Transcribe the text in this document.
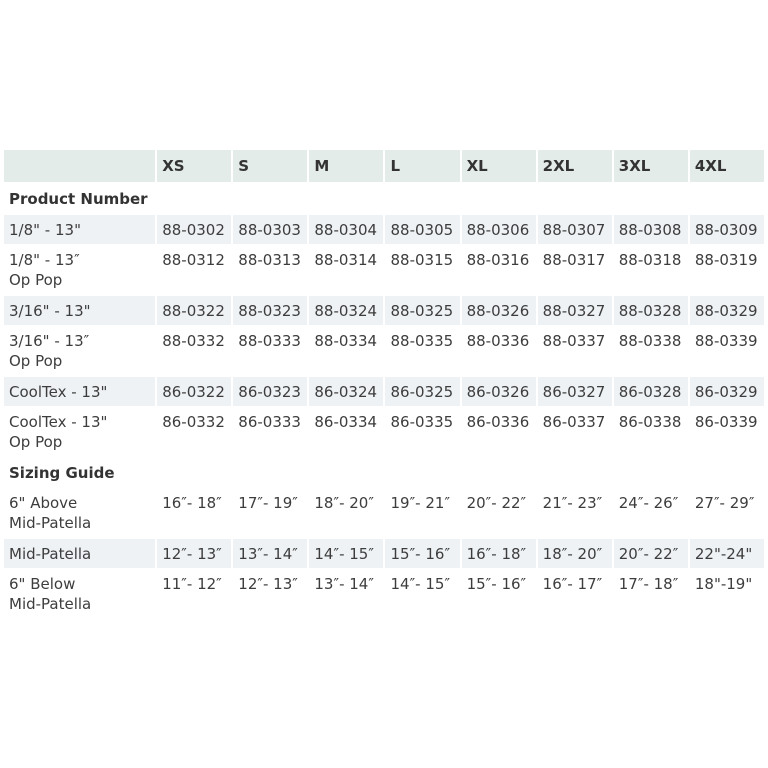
	XS	S	M	L	XL	2XL	3XL	4XL
Product Number								

1/8" - 13"	88-0302	88-0303	88-0304	88-0305	88-0306	88-0307	88-0308	88-0309

1/8" - 13″
Op Pop	88-0312	88-0313	88-0314	88-0315	88-0316	88-0317	88-0318	88-0319

3/16" - 13"	88-0322	88-0323	88-0324	88-0325	88-0326	88-0327	88-0328	88-0329

3/16" - 13″
Op Pop	88-0332	88-0333	88-0334	88-0335	88-0336	88-0337	88-0338	88-0339

CoolTex - 13"	86-0322	86-0323	86-0324	86-0325	86-0326	86-0327	86-0328	86-0329

CoolTex - 13"
Op Pop	86-0332	86-0333	86-0334	86-0335	86-0336	86-0337	86-0338	86-0339
Sizing Guide								

6" Above
Mid-Patella	16″- 18″	17″- 19″	18″- 20″	19″- 21″	20″- 22″	21″- 23″	24″- 26″	27″- 29″

Mid-Patella	12″- 13″	13″- 14″	14″- 15″	15″- 16″	16″- 18″	18″- 20″	20″- 22″	22"-24"

6" Below
Mid-Patella	11″- 12″	12″- 13″	13″- 14″	14″- 15″	15″- 16″	16″- 17″	17″- 18″	18"-19"
